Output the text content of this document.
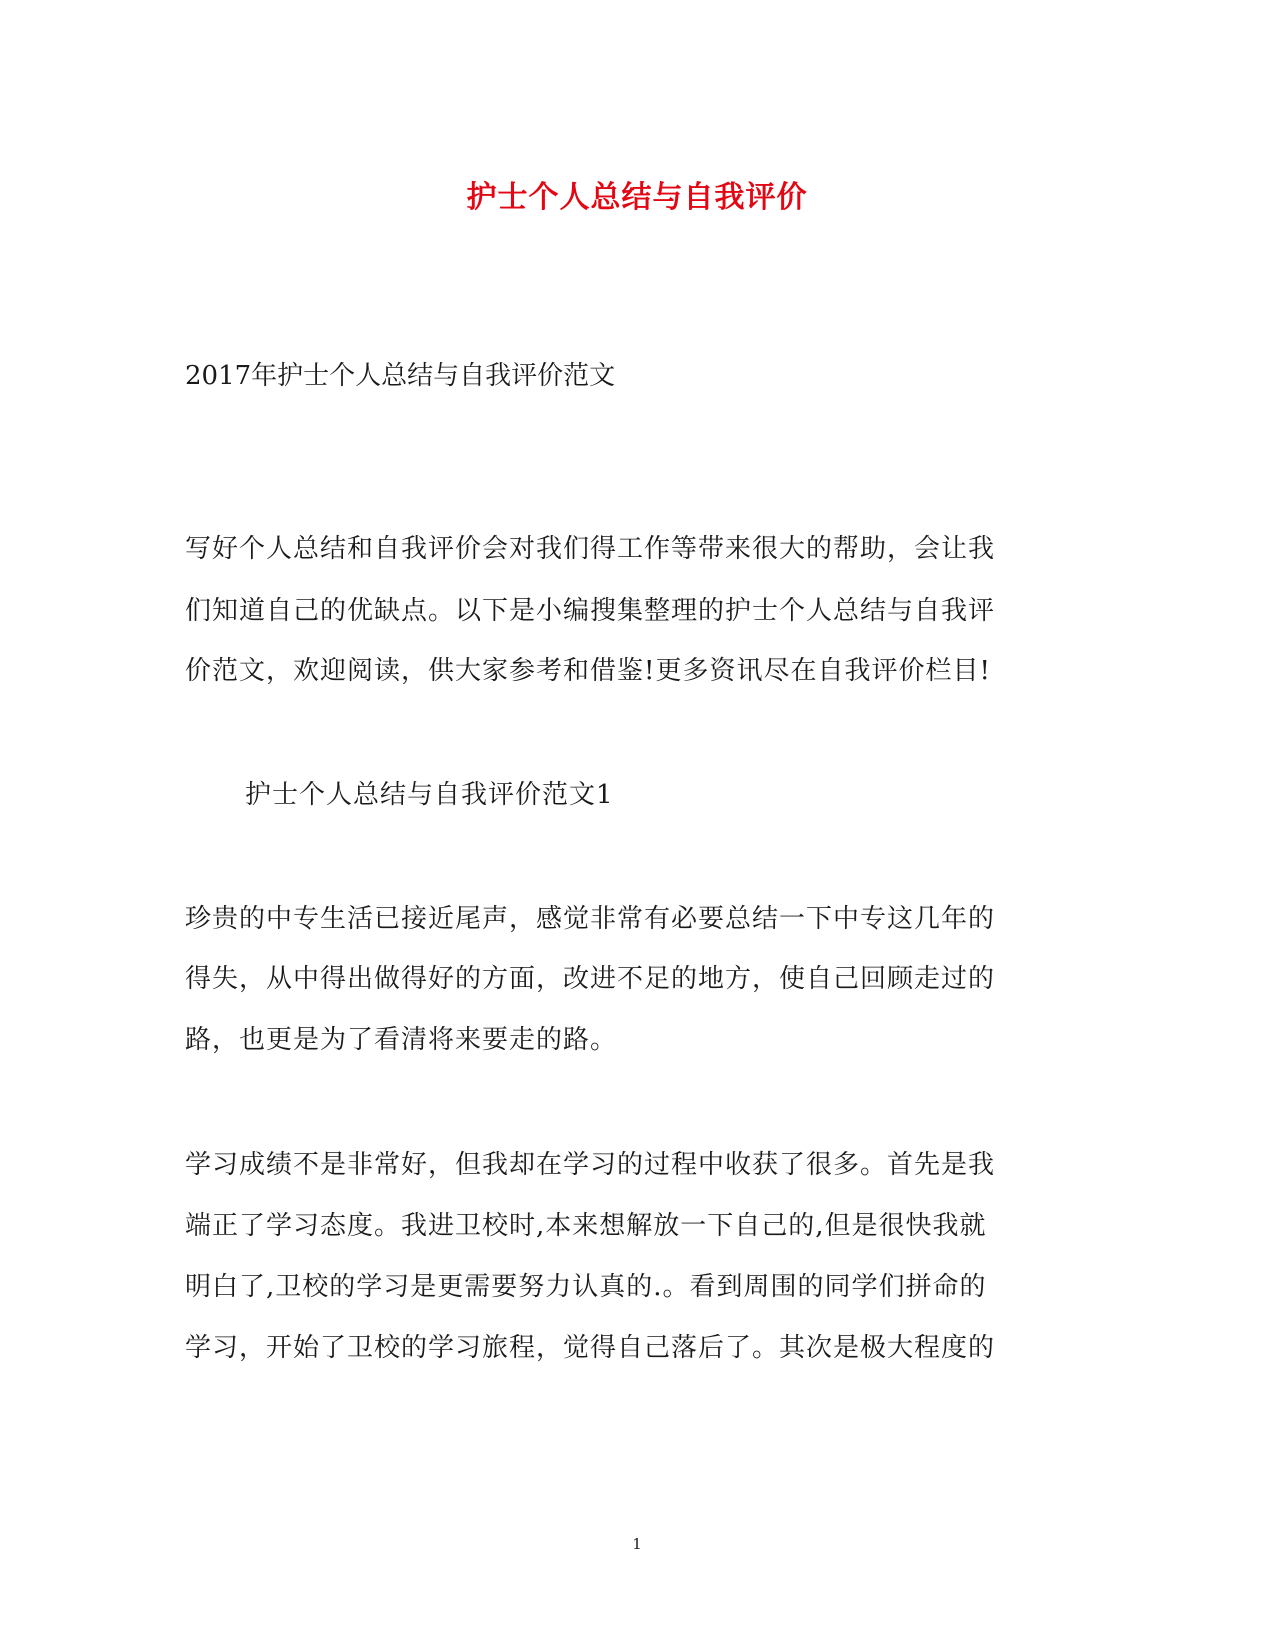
护士个人总结与自我评价
2017年护士个人总结与自我评价范文
写好个人总结和自我评价会对我们得工作等带来很大的帮助，会让我
们知道自己的优缺点。以下是小编搜集整理的护士个人总结与自我评
价范文，欢迎阅读，供大家参考和借鉴!更多资讯尽在自我评价栏目!
护士个人总结与自我评价范文1
珍贵的中专生活已接近尾声，感觉非常有必要总结一下中专这几年的
得失，从中得出做得好的方面，改进不足的地方，使自己回顾走过的
路，也更是为了看清将来要走的路。
学习成绩不是非常好，但我却在学习的过程中收获了很多。首先是我
端正了学习态度。我进卫校时,本来想解放一下自己的,但是很快我就
明白了,卫校的学习是更需要努力认真的.。看到周围的同学们拼命的
学习，开始了卫校的学习旅程，觉得自己落后了。其次是极大程度的
1
